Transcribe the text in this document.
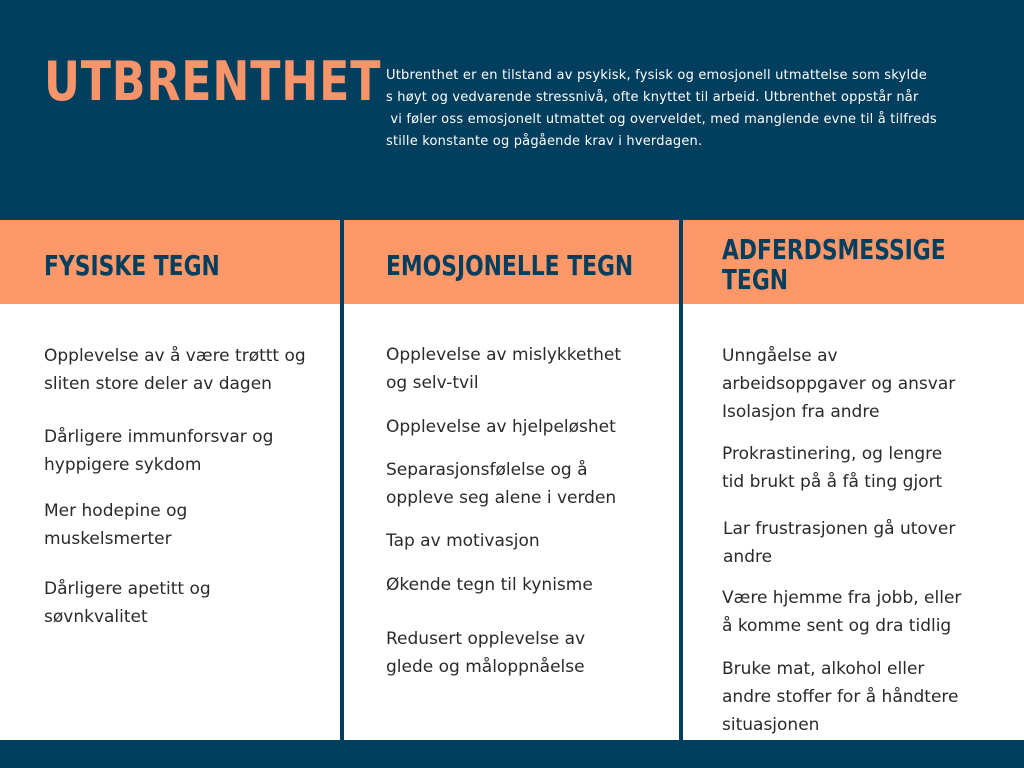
UTBRENTHET Utbrenthet er en tilstand av psykisk, fysisk og emosjonell utmattelse som skylde
s høyt og vedvarende stressnivå, ofte knyttet til arbeid. Utbrenthet oppstår når
vi føler oss emosjonelt utmattet og overveldet, med manglende evne til å tilfreds
stille konstante og pågående krav i hverdagen.

FYSISKE TEGN	EMOSJONELLE TEGN	ADFERDSMESSIGE
TEGN
Opplevelse av å være trøttt og
sliten store deler av dagen
Dårligere immunforsvar og
hyppigere sykdom
Mer hodepine og
muskelsmerter
Dårligere apetitt og
søvnkvalitet
Opplevelse av mislykkethet
og selv-tvil
Opplevelse av hjelpeløshet
Separasjonsfølelse og å
oppleve seg alene i verden
Tap av motivasjon
Økende tegn til kynisme
Redusert opplevelse av
glede og måloppnåelse
Unngåelse av
arbeidsoppgaver og ansvar
Isolasjon fra andre
Prokrastinering, og lengre
tid brukt på å få ting gjort
Lar frustrasjonen gå utover
andre
Være hjemme fra jobb, eller
å komme sent og dra tidlig
Bruke mat, alkohol eller
andre stoffer for å håndtere
situasjonen
